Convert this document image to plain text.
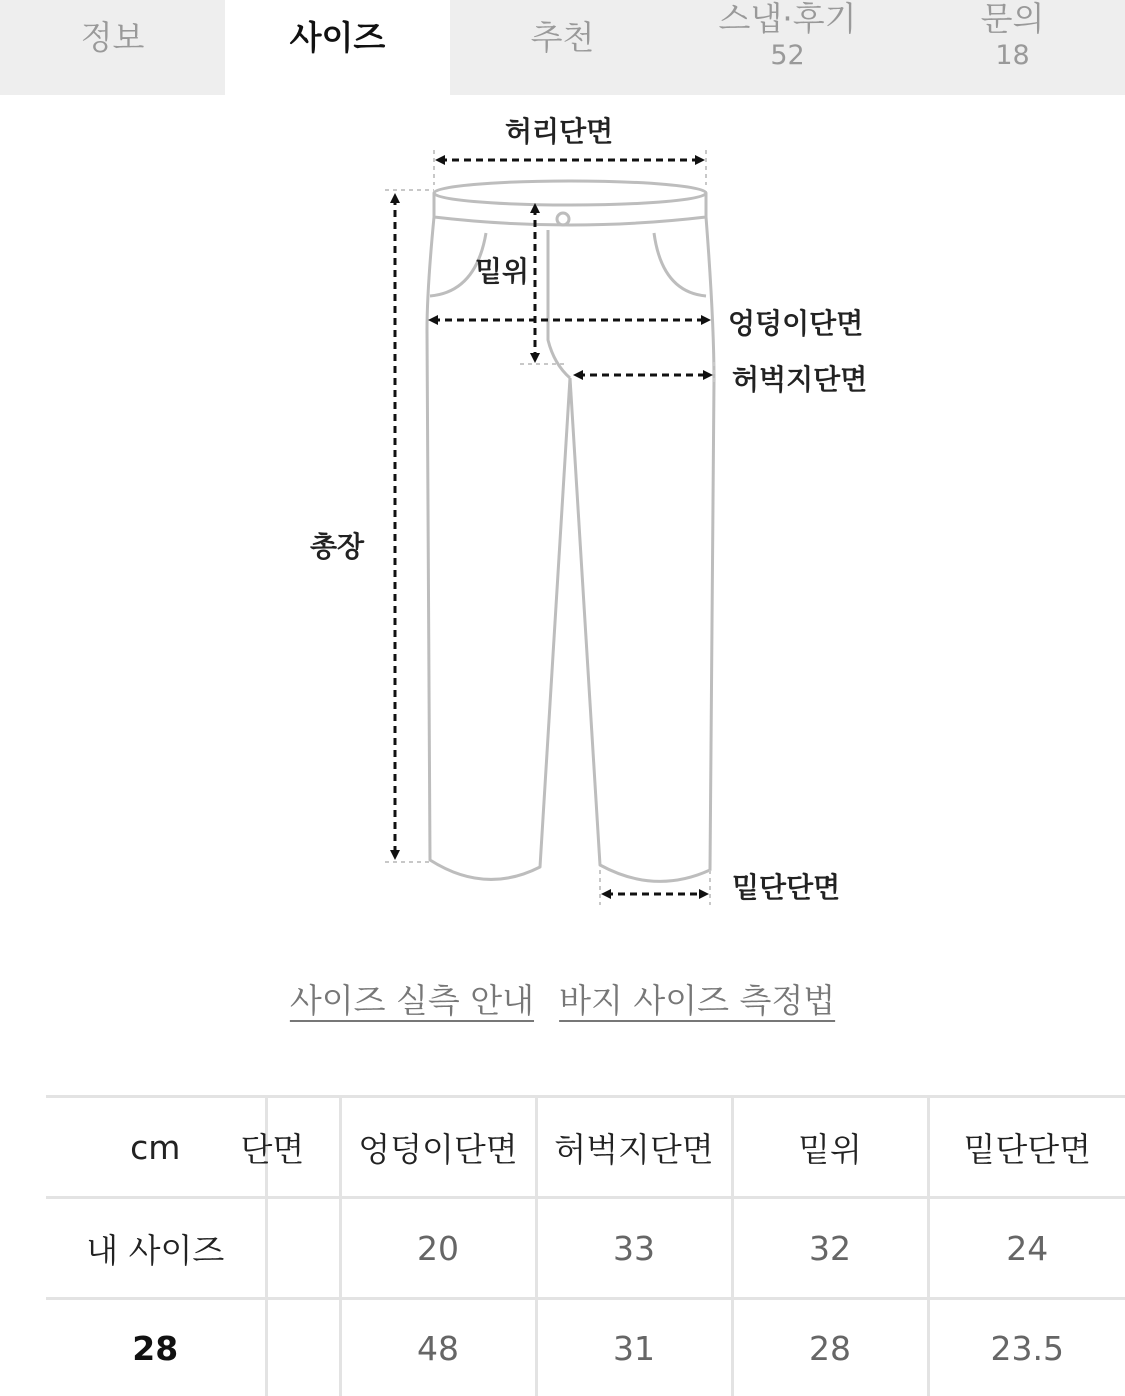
정보	사이즈	추천	스냅·후기
52
문의
18
허리단면
밑위
엉덩이단면
허벅지단면
총장
밑단단면
사이즈 실측 안내 바지 사이즈 측정법
cm	단면	엉덩이단면	허벅지단면	밑위	밑단단면
내 사이즈		20	33	32	24
28		48	31	28	23.5
